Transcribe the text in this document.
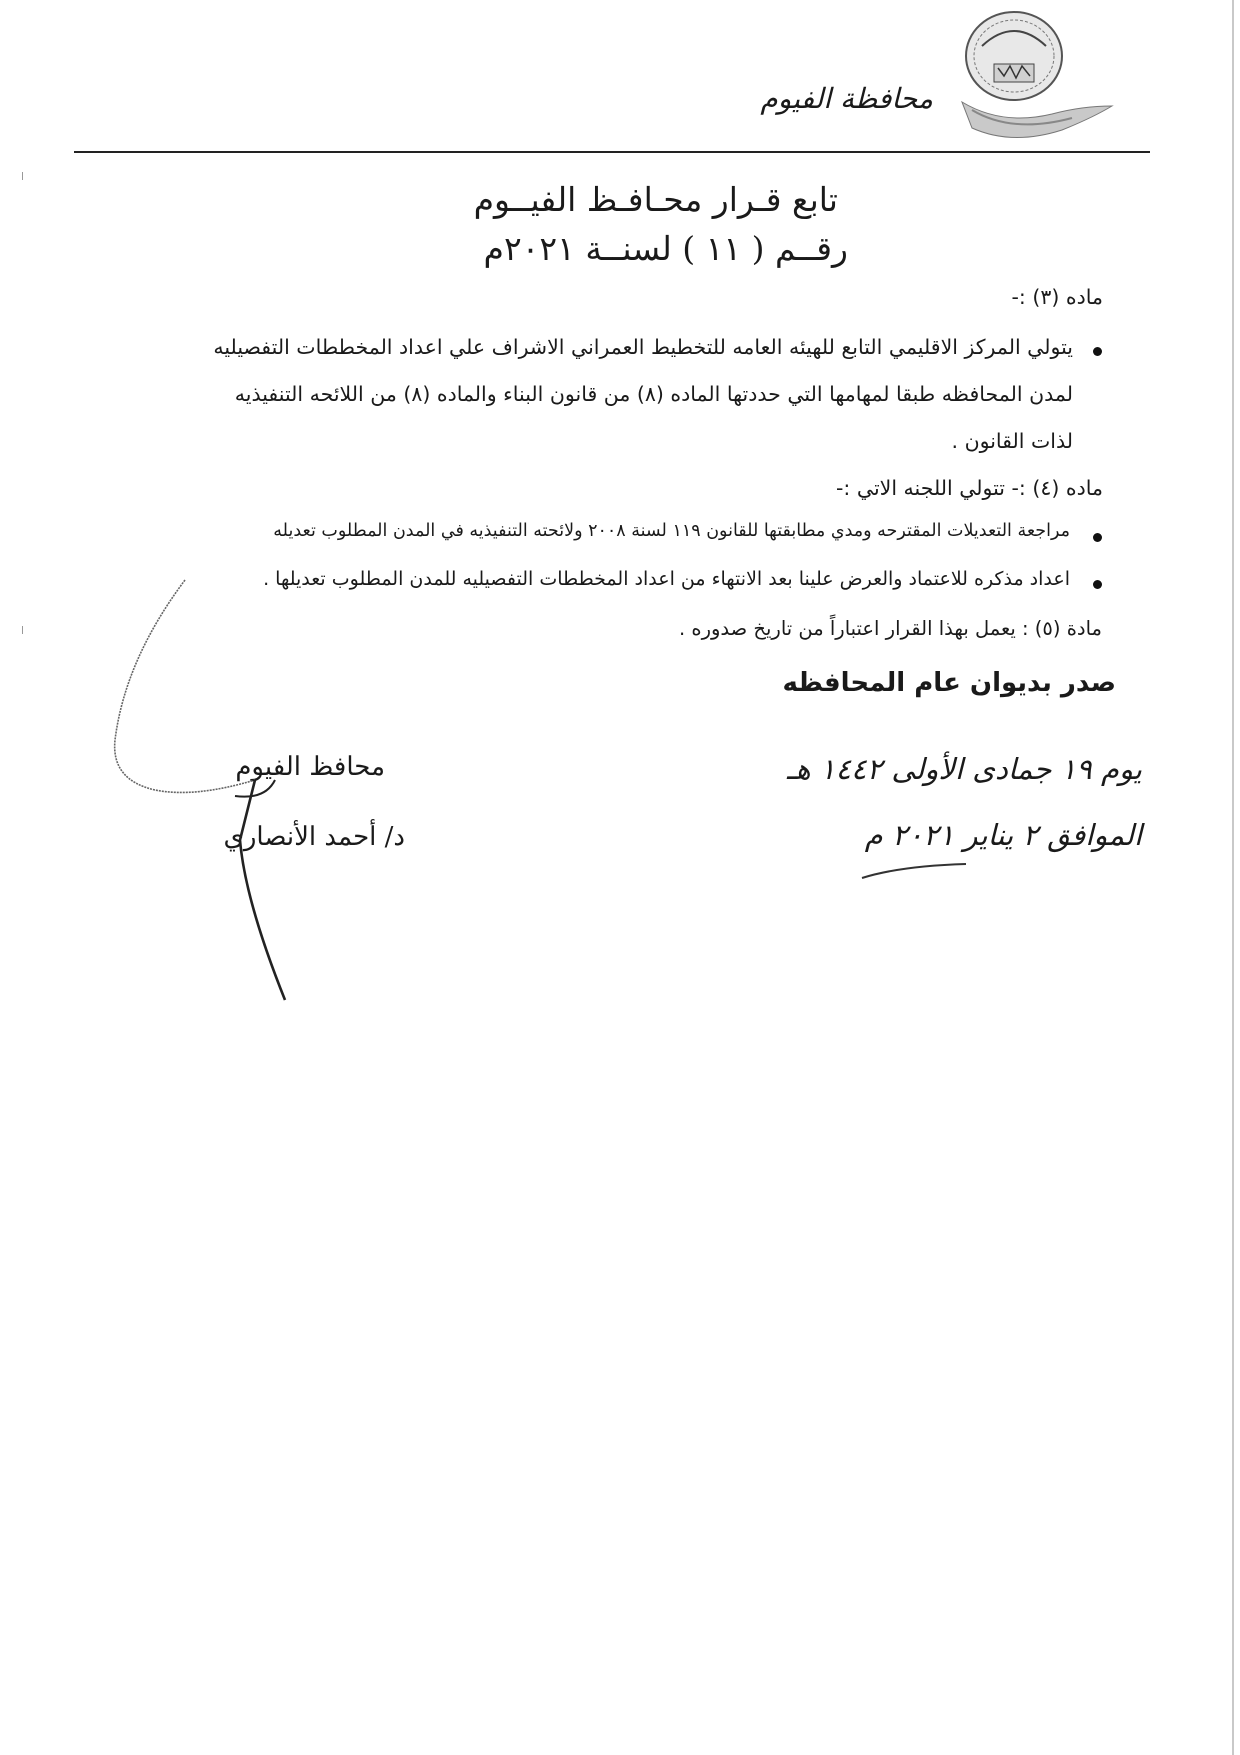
محافظة الفيوم
تابع قـرار محـافـظ الفيــوم
رقــم ( ١١ ) لسنــة ٢٠٢١م
ماده (٣) :-
يتولي المركز الاقليمي التابع للهيئه العامه للتخطيط العمراني الاشراف علي اعداد المخططات التفصيليه
لمدن المحافظه طبقا لمهامها التي حددتها الماده (٨) من قانون البناء والماده (٨) من اللائحه التنفيذيه
لذات القانون .
ماده (٤) :- تتولي اللجنه الاتي :-
مراجعة التعديلات المقترحه ومدي مطابقتها للقانون ١١٩ لسنة ٢٠٠٨ ولائحته التنفيذيه في المدن المطلوب تعديله
اعداد مذكره للاعتماد والعرض علينا بعد الانتهاء من اعداد المخططات التفصيليه للمدن المطلوب تعديلها .
مادة (٥) : يعمل بهذا القرار اعتباراً من تاريخ صدوره .
صدر بديوان عام المحافظه
يوم ١٩ جمادى الأولى ١٤٤٢ هـ
الموافق ٢ يناير ٢٠٢١ م
محافظ الفيوم
د/ أحمد الأنصاري
